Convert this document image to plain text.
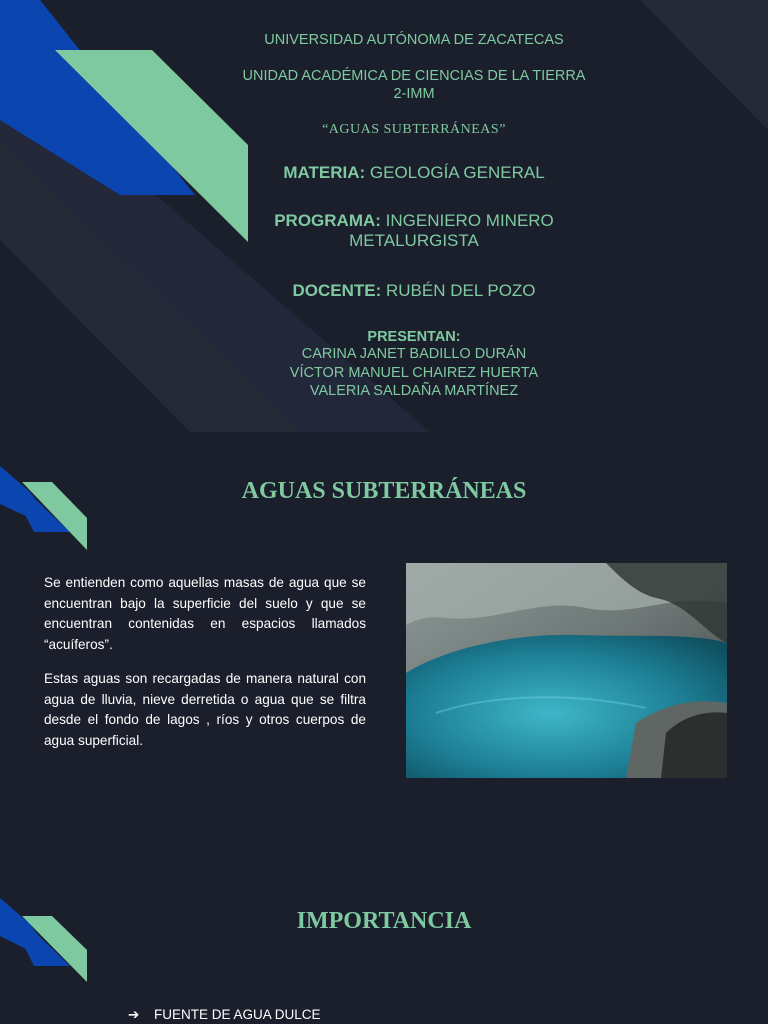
UNIVERSIDAD AUTÓNOMA DE ZACATECAS
UNIDAD ACADÉMICA DE CIENCIAS DE LA TIERRA
2-IMM
“AGUAS SUBTERRÁNEAS”
MATERIA: GEOLOGÍA GENERAL
PROGRAMA: INGENIERO MINERO METALURGISTA
DOCENTE: RUBÉN DEL POZO
PRESENTAN:
CARINA JANET BADILLO DURÁN
VÍCTOR MANUEL CHAIREZ HUERTA
VALERIA SALDAÑA MARTÍNEZ
AGUAS SUBTERRÁNEAS

Se entienden como aquellas masas de agua que se encuentran bajo la superficie del suelo y que se encuentran contenidas en espacios llamados “acuíferos”.

Estas aguas son recargadas de manera natural con agua de lluvia, nieve derretida o agua que se filtra desde el fondo de lagos , ríos y otros cuerpos de agua superficial.

IMPORTANCIA
➔ FUENTE DE AGUA DULCE
